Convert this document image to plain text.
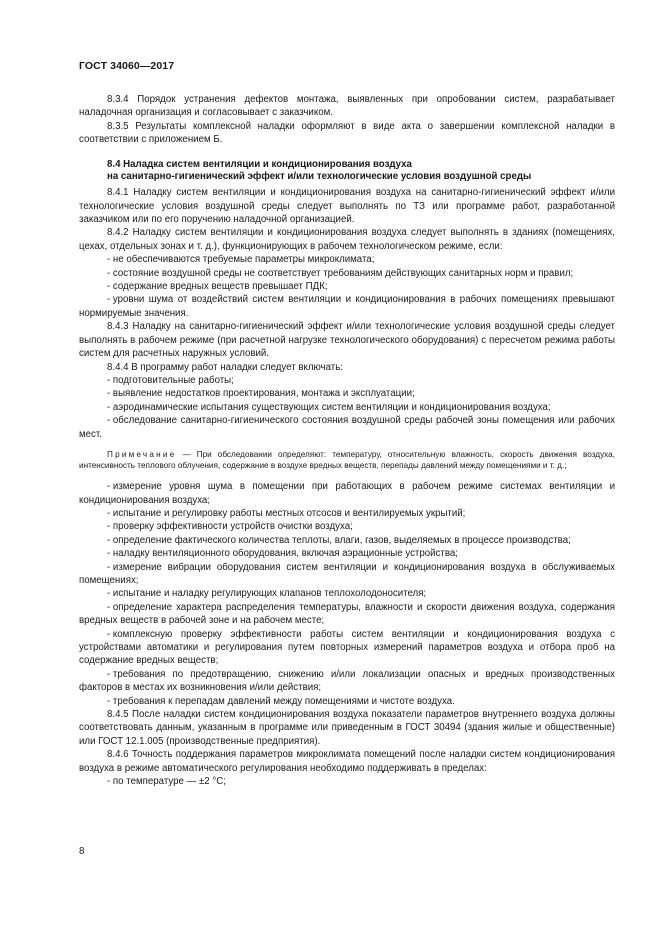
ГОСТ 34060—2017

8.3.4 Порядок устранения дефектов монтажа, выявленных при опробовании систем, разрабатывает наладочная организация и согласовывает с заказчиком.

8.3.5 Результаты комплексной наладки оформляют в виде акта о завершении комплексной наладки в соответствии с приложением Б.

8.4 Наладка систем вентиляции и кондиционирования воздуха
на санитарно-гигиенический эффект и/или технологические условия воздушной среды

8.4.1 Наладку систем вентиляции и кондиционирования воздуха на санитарно-гигиенический эффект и/или технологические условия воздушной среды следует выполнять по ТЗ или программе работ, разработанной заказчиком или по его поручению наладочной организацией.

8.4.2 Наладку систем вентиляции и кондиционирования воздуха следует выполнять в зданиях (помещениях, цехах, отдельных зонах и т. д.), функционирующих в рабочем технологическом режиме, если:

- не обеспечиваются требуемые параметры микроклимата;

- состояние воздушной среды не соответствует требованиям действующих санитарных норм и правил;

- содержание вредных веществ превышает ПДК;

- уровни шума от воздействий систем вентиляции и кондиционирования в рабочих помещениях превышают нормируемые значения.

8.4.3 Наладку на санитарно-гигиенический эффект и/или технологические условия воздушной среды следует выполнять в рабочем режиме (при расчетной нагрузке технологического оборудования) с пересчетом режима работы систем для расчетных наружных условий.

8.4.4 В программу работ наладки следует включать:

- подготовительные работы;

- выявление недостатков проектирования, монтажа и эксплуатации;

- аэродинамические испытания существующих систем вентиляции и кондиционирования воздуха;

- обследование санитарно-гигиенического состояния воздушной среды рабочей зоны помещения или рабочих мест.

Примечание — При обследовании определяют: температуру, относительную влажность, скорость движения воздуха, интенсивность теплового облучения, содержание в воздухе вредных веществ, перепады давлений между помещениями и т. д.;

- измерение уровня шума в помещении при работающих в рабочем режиме системах вентиляции и кондиционирования воздуха;

- испытание и регулировку работы местных отсосов и вентилируемых укрытий;

- проверку эффективности устройств очистки воздуха;

- определение фактического количества теплоты, влаги, газов, выделяемых в процессе производства;

- наладку вентиляционного оборудования, включая аэрационные устройства;

- измерение вибрации оборудования систем вентиляции и кондиционирования воздуха в обслуживаемых помещениях;

- испытание и наладку регулирующих клапанов теплохолодоносителя;

- определение характера распределения температуры, влажности и скорости движения воздуха, содержания вредных веществ в рабочей зоне и на рабочем месте;

- комплексную проверку эффективности работы систем вентиляции и кондиционирования воздуха с устройствами автоматики и регулирования путем повторных измерений параметров воздуха и отбора проб на содержание вредных веществ;

- требования по предотвращению, снижению и/или локализации опасных и вредных производственных факторов в местах их возникновения и/или действия;

- требования к перепадам давлений между помещениями и чистоте воздуха.

8.4.5 После наладки систем кондиционирования воздуха показатели параметров внутреннего воздуха должны соответствовать данным, указанным в программе или приведенным в ГОСТ 30494 (здания жилые и общественные) или ГОСТ 12.1.005 (производственные предприятия).

8.4.6 Точность поддержания параметров микроклимата помещений после наладки систем кондиционирования воздуха в режиме автоматического регулирования необходимо поддерживать в пределах:

- по температуре — ±2 °С;

8
